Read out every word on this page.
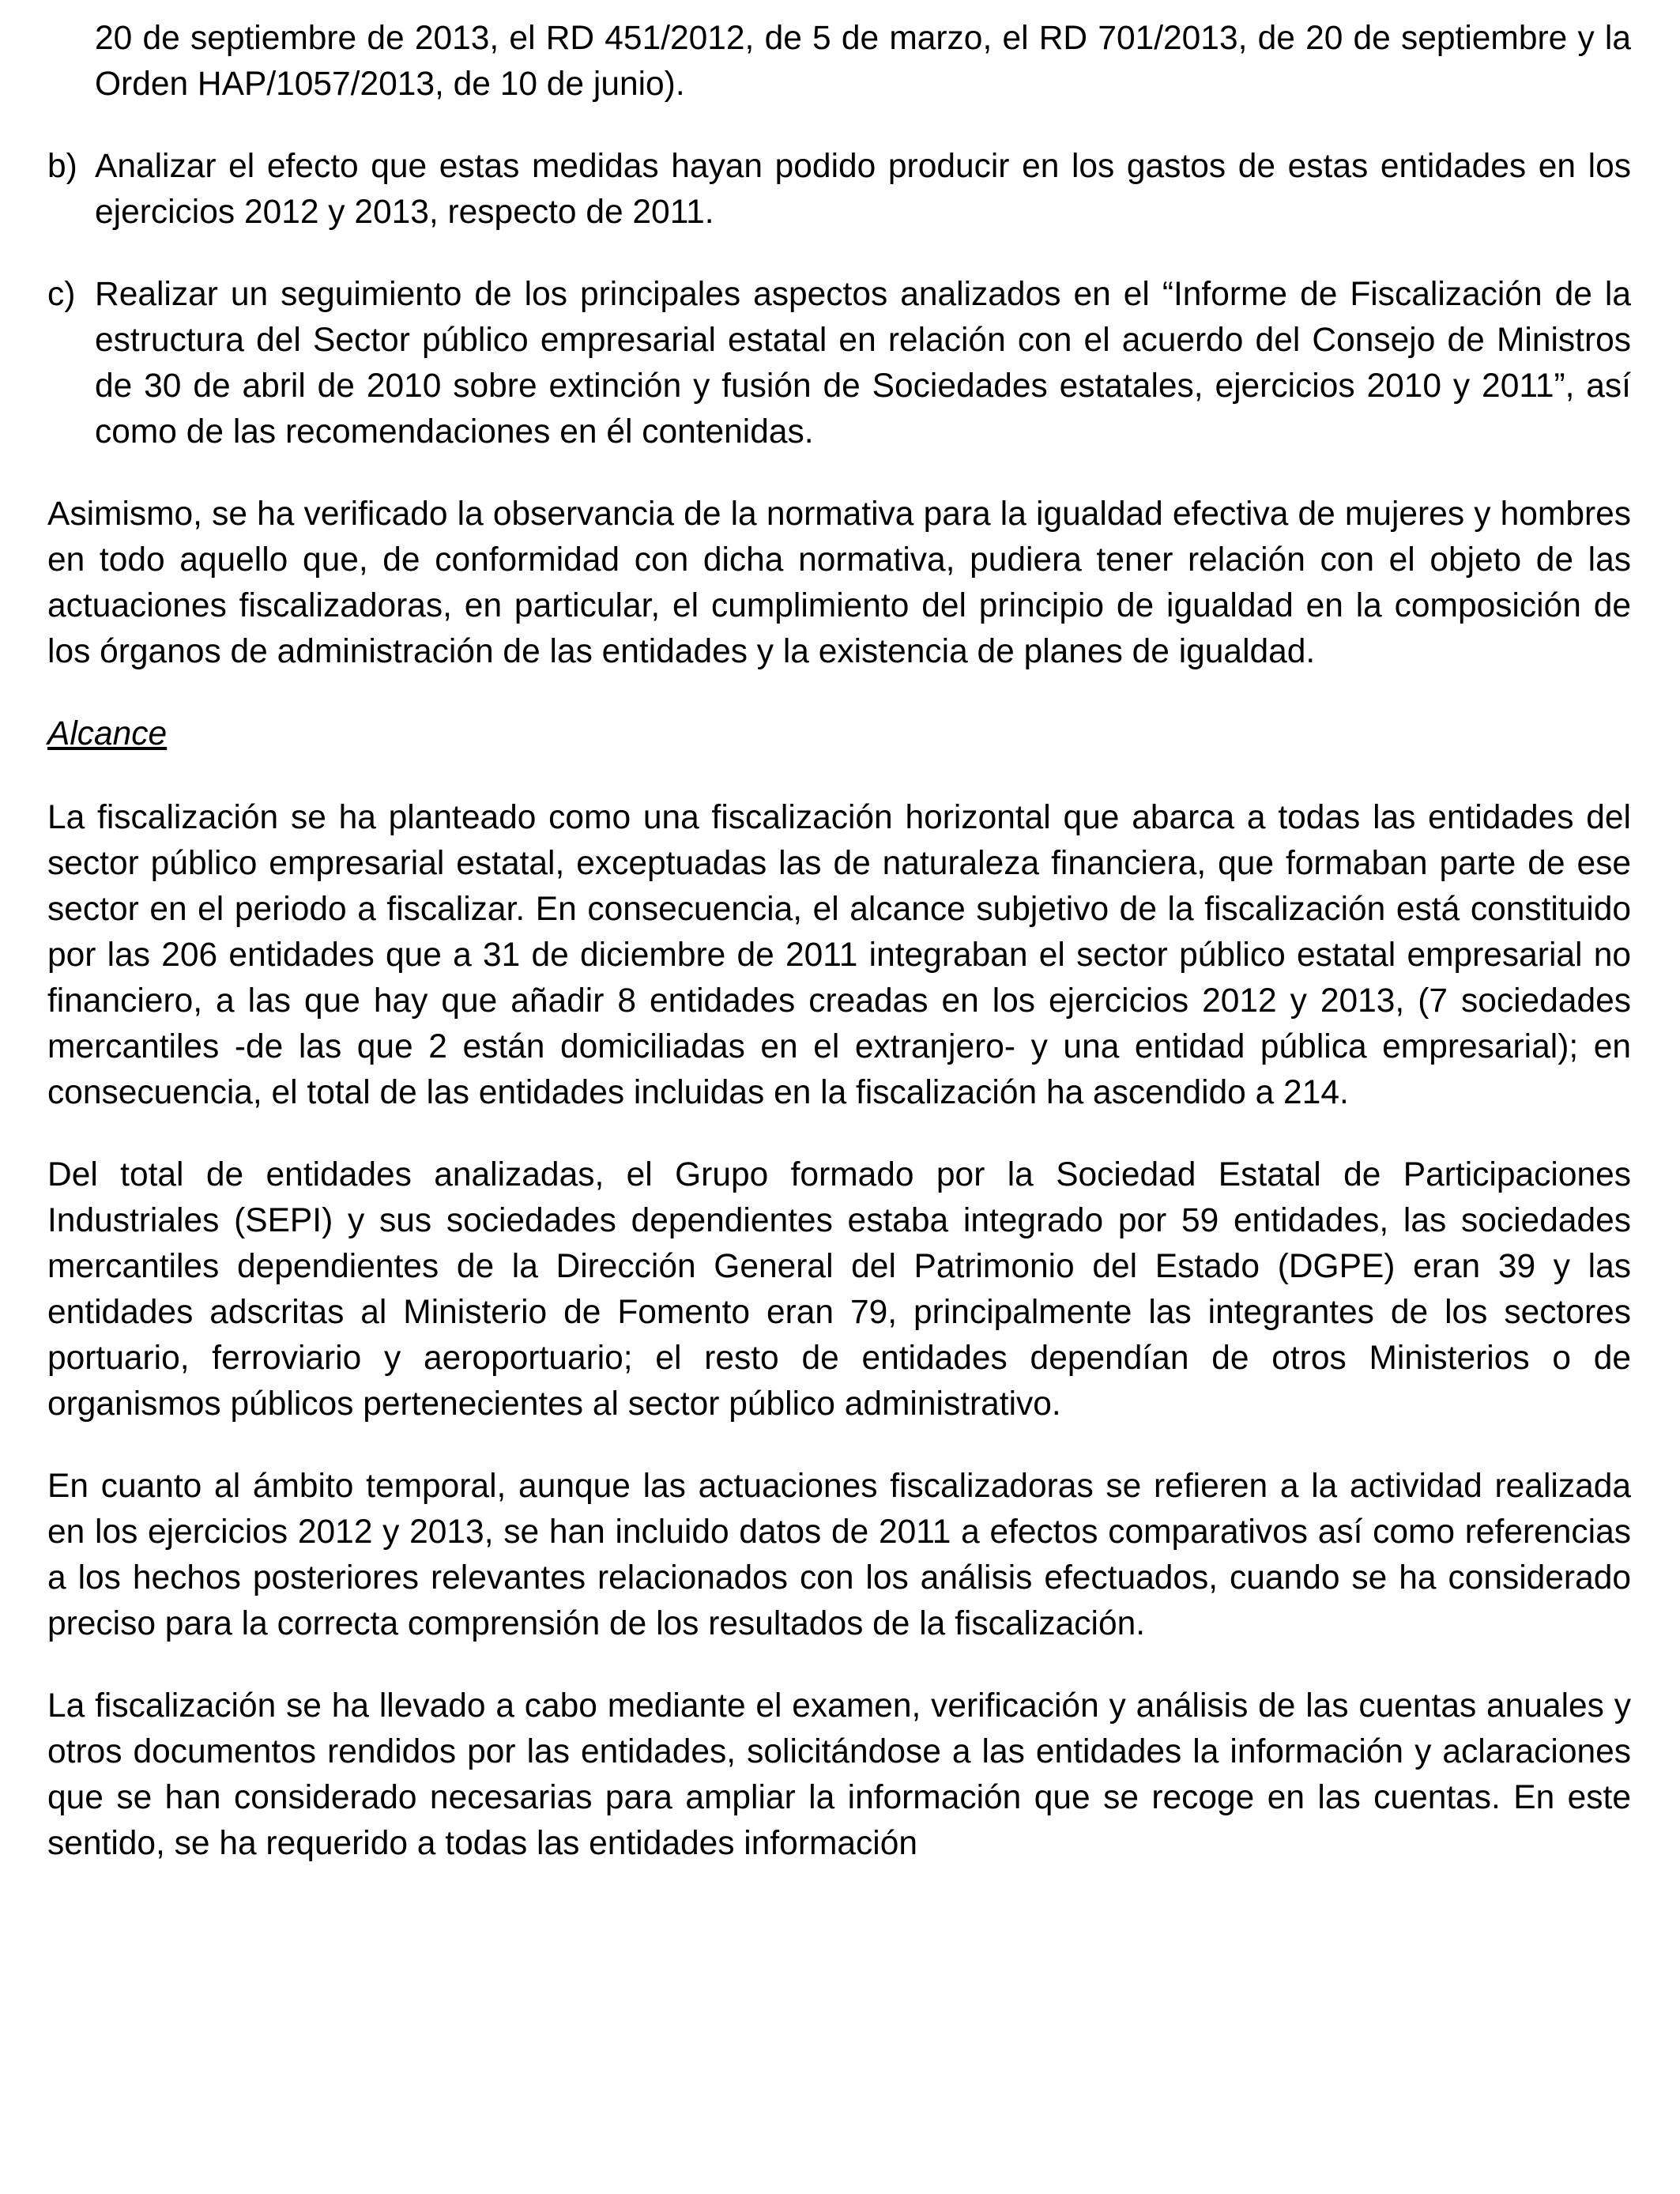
20 de septiembre de 2013, el RD 451/2012, de 5 de marzo, el RD 701/2013, de 20 de septiembre y la Orden HAP/1057/2013, de 10 de junio).
b) Analizar el efecto que estas medidas hayan podido producir en los gastos de estas entidades en los ejercicios 2012 y 2013, respecto de 2011.
c) Realizar un seguimiento de los principales aspectos analizados en el “Informe de Fiscalización de la estructura del Sector público empresarial estatal en relación con el acuerdo del Consejo de Ministros de 30 de abril de 2010 sobre extinción y fusión de Sociedades estatales, ejercicios 2010 y 2011”, así como de las recomendaciones en él contenidas.

Asimismo, se ha verificado la observancia de la normativa para la igualdad efectiva de mujeres y hombres en todo aquello que, de conformidad con dicha normativa, pudiera tener relación con el objeto de las actuaciones fiscalizadoras, en particular, el cumplimiento del principio de igualdad en la composición de los órganos de administración de las entidades y la existencia de planes de igualdad.

Alcance

La fiscalización se ha planteado como una fiscalización horizontal que abarca a todas las entidades del sector público empresarial estatal, exceptuadas las de naturaleza financiera, que formaban parte de ese sector en el periodo a fiscalizar. En consecuencia, el alcance subjetivo de la fiscalización está constituido por las 206 entidades que a 31 de diciembre de 2011 integraban el sector público estatal empresarial no financiero, a las que hay que añadir 8 entidades creadas en los ejercicios 2012 y 2013, (7 sociedades mercantiles -de las que 2 están domiciliadas en el extranjero- y una entidad pública empresarial); en consecuencia, el total de las entidades incluidas en la fiscalización ha ascendido a 214.

Del total de entidades analizadas, el Grupo formado por la Sociedad Estatal de Participaciones Industriales (SEPI) y sus sociedades dependientes estaba integrado por 59 entidades, las sociedades mercantiles dependientes de la Dirección General del Patrimonio del Estado (DGPE) eran 39 y las entidades adscritas al Ministerio de Fomento eran 79, principalmente las integrantes de los sectores portuario, ferroviario y aeroportuario; el resto de entidades dependían de otros Ministerios o de organismos públicos pertenecientes al sector público administrativo.

En cuanto al ámbito temporal, aunque las actuaciones fiscalizadoras se refieren a la actividad realizada en los ejercicios 2012 y 2013, se han incluido datos de 2011 a efectos comparativos así como referencias a los hechos posteriores relevantes relacionados con los análisis efectuados, cuando se ha considerado preciso para la correcta comprensión de los resultados de la fiscalización.

La fiscalización se ha llevado a cabo mediante el examen, verificación y análisis de las cuentas anuales y otros documentos rendidos por las entidades, solicitándose a las entidades la información y aclaraciones que se han considerado necesarias para ampliar la información que se recoge en las cuentas. En este sentido, se ha requerido a todas las entidades información
